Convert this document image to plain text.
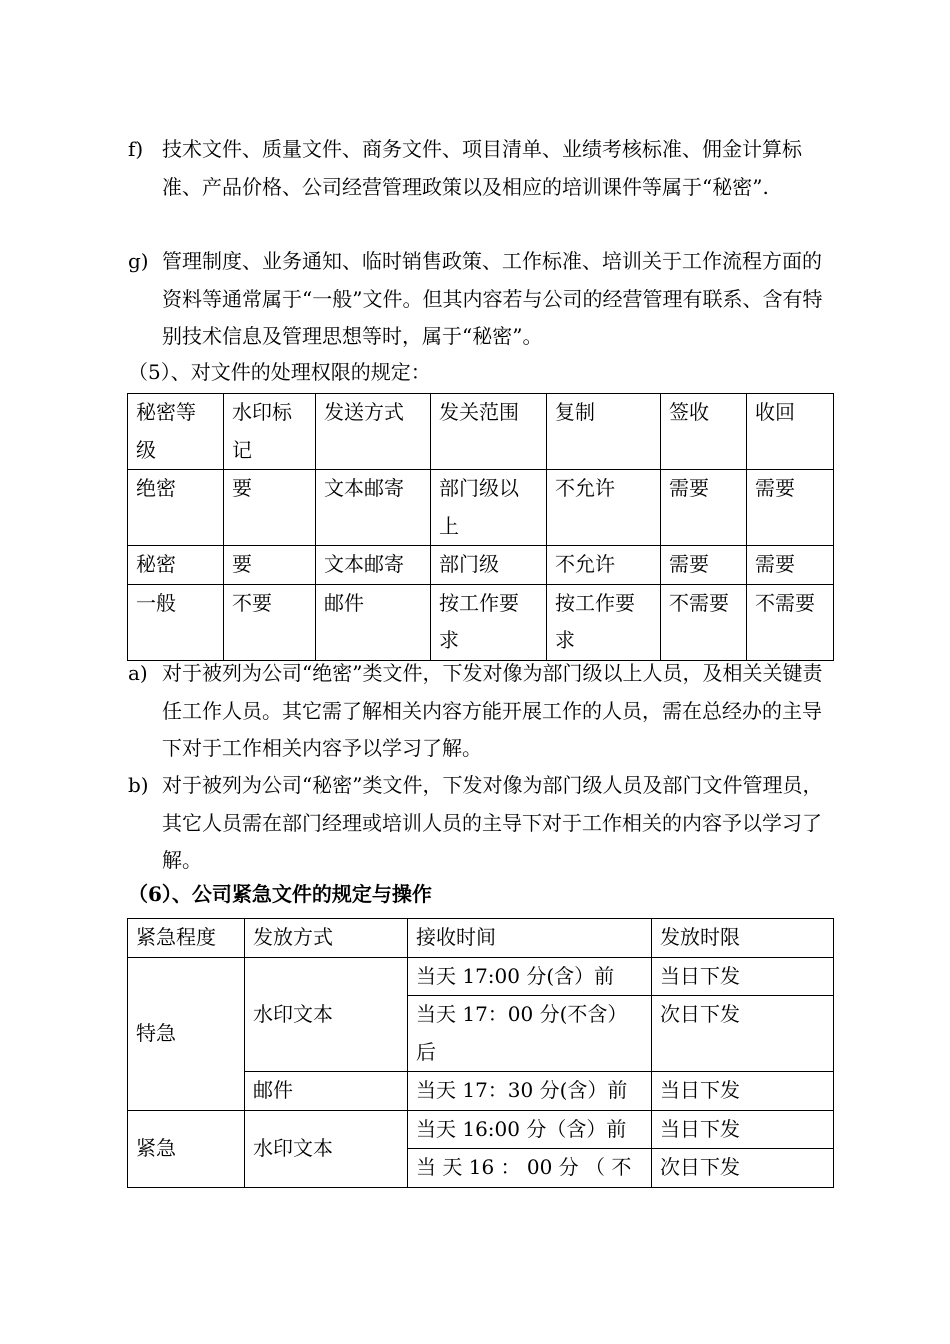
f) 技术文件、质量文件、商务文件、项目清单、业绩考核标准、佣金计算标准、产品价格、公司经营管理政策以及相应的培训课件等属于“秘密”.
g) 管理制度、业务通知、临时销售政策、工作标准、培训关于工作流程方面的资料等通常属于“一般”文件。但其内容若与公司的经营管理有联系、含有特别技术信息及管理思想等时，属于“秘密”。
（5）、对文件的处理权限的规定：
秘密等级	水印标记	发送方式	发关范围	复制	签收	收回
绝密	要	文本邮寄	部门级以上	不允许	需要	需要
秘密	要	文本邮寄	部门级	不允许	需要	需要
一般	不要	邮件	按工作要求	按工作要求	不需要	不需要
a) 对于被列为公司“绝密”类文件，下发对像为部门级以上人员，及相关关键责任工作人员。其它需了解相关内容方能开展工作的人员，需在总经办的主导下对于工作相关内容予以学习了解。
b) 对于被列为公司“秘密”类文件，下发对像为部门级人员及部门文件管理员，其它人员需在部门经理或培训人员的主导下对于工作相关的内容予以学习了解。
（6）、公司紧急文件的规定与操作
紧急程度	发放方式	接收时间	发放时限
特急	水印文本	当天 17:00 分(含）前	当日下发
		当天 17：00 分(不含）后	次日下发
	邮件	当天 17：30 分(含）前	当日下发
紧急	水印文本	当天 16:00 分（含）前	当日下发
		当 天 16 ： 00 分 （ 不	次日下发
